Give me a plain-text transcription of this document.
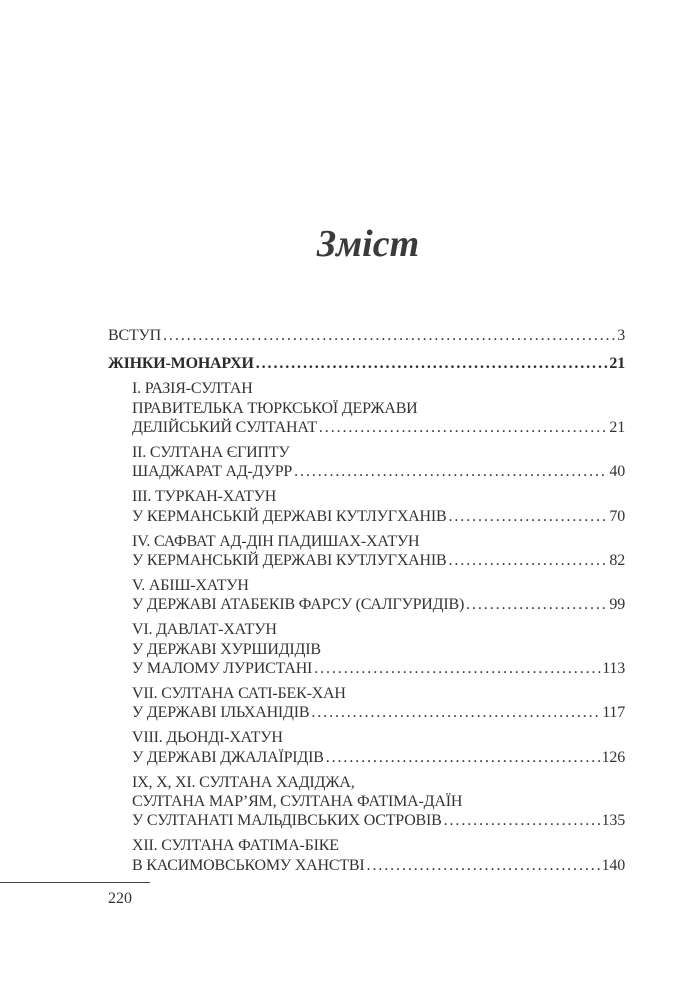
Зміст
ВСТУП . . .	3
ЖІНКИ-МОНАРХИ . . .	21
I. РАЗІЯ-СУЛТАН
ПРАВИТЕЛЬКА ТЮРКСЬКОЇ ДЕРЖАВИ
ДЕЛІЙСЬКИЙ СУЛТАНАТ . . .	21
II. СУЛТАНА ЄГИПТУ
ШАДЖАРАТ АД-ДУРР . . .	40
III. ТУРКАН-ХАТУН
У КЕРМАНСЬКІЙ ДЕРЖАВІ КУТЛУГХАНІВ . . .	70
IV. САФВАТ АД-ДІН ПАДИШАХ-ХАТУН
У КЕРМАНСЬКІЙ ДЕРЖАВІ КУТЛУГХАНІВ . . .	82
V. АБІШ-ХАТУН
У ДЕРЖАВІ АТАБЕКІВ ФАРСУ (САЛГУРИДІВ) . . .	99
VI. ДАВЛАТ-ХАТУН
У ДЕРЖАВІ ХУРШИДІДІВ
У МАЛОМУ ЛУРИСТАНІ . . .	113
VII. СУЛТАНА САТІ-БЕК-ХАН
У ДЕРЖАВІ ІЛЬХАНІДІВ . . .	117
VIII. ДЬОНДІ-ХАТУН
У ДЕРЖАВІ ДЖАЛАЇРІДІВ . . .	126
IX, X, XI. СУЛТАНА ХАДІДЖА,
СУЛТАНА МАР’ЯМ, СУЛТАНА ФАТІМА-ДАЇН
У СУЛТАНАТІ МАЛЬДІВСЬКИХ ОСТРОВІВ . . .	135
XII. СУЛТАНА ФАТІМА-БІКЕ
В КАСИМОВСЬКОМУ ХАНСТВІ . . .	140
220
